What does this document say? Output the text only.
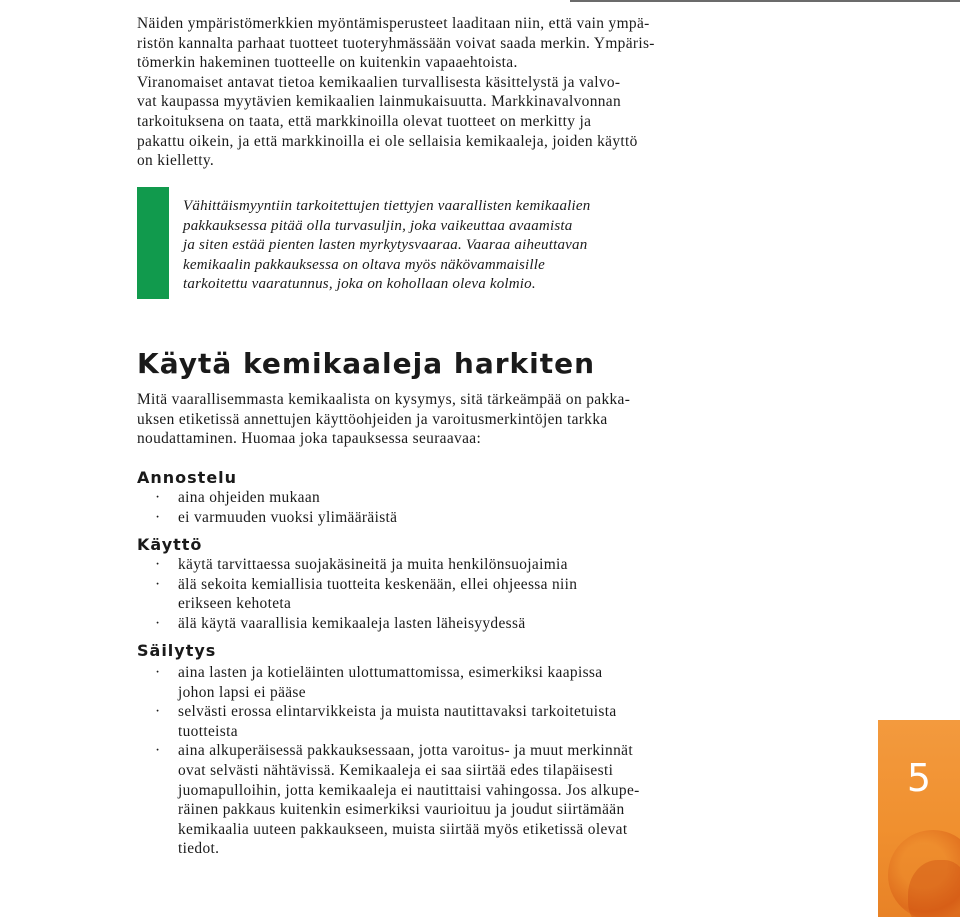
Näiden ympäristömerkkien myöntämisperusteet laaditaan niin, että vain ympä-

ristön kannalta parhaat tuotteet tuoteryhmässään voivat saada merkin. Ympäris-

tömerkin hakeminen tuotteelle on kuitenkin vapaaehtoista.

Viranomaiset antavat tietoa kemikaalien turvallisesta käsittelystä ja valvo-

vat kaupassa myytävien kemikaalien lainmukaisuutta. Markkinavalvonnan

tarkoituksena on taata, että markkinoilla olevat tuotteet on merkitty ja

pakattu oikein, ja että markkinoilla ei ole sellaisia kemikaaleja, joiden käyttö

on kielletty.

Vähittäismyyntiin tarkoitettujen tiettyjen vaarallisten kemikaalien

pakkauksessa pitää olla turvasuljin, joka vaikeuttaa avaamista

ja siten estää pienten lasten myrkytysvaaraa. Vaaraa aiheuttavan

kemikaalin pakkauksessa on oltava myös näkövammaisille

tarkoitettu vaaratunnus, joka on kohollaan oleva kolmio.

Käytä kemikaaleja harkiten

Mitä vaarallisemmasta kemikaalista on kysymys, sitä tärkeämpää on pakka-

uksen etiketissä annettujen käyttöohjeiden ja varoitusmerkintöjen tarkka

noudattaminen. Huomaa joka tapauksessa seuraavaa:

Annostelu
· aina ohjeiden mukaan
· ei varmuuden vuoksi ylimääräistä
Käyttö
· käytä tarvittaessa suojakäsineitä ja muita henkilönsuojaimia
· älä sekoita kemiallisia tuotteita keskenään, ellei ohjeessa niin
erikseen kehoteta
· älä käytä vaarallisia kemikaaleja lasten läheisyydessä
Säilytys
· aina lasten ja kotieläinten ulottumattomissa, esimerkiksi kaapissa
johon lapsi ei pääse
· selvästi erossa elintarvikkeista ja muista nautittavaksi tarkoitetuista
tuotteista
· aina alkuperäisessä pakkauksessaan, jotta varoitus- ja muut merkinnät
ovat selvästi nähtävissä. Kemikaaleja ei saa siirtää edes tilapäisesti
juomapulloihin, jotta kemikaaleja ei nautittaisi vahingossa. Jos alkupe-
räinen pakkaus kuitenkin esimerkiksi vaurioituu ja joudut siirtämään
kemikaalia uuteen pakkaukseen, muista siirtää myös etiketissä olevat
tiedot.
5
